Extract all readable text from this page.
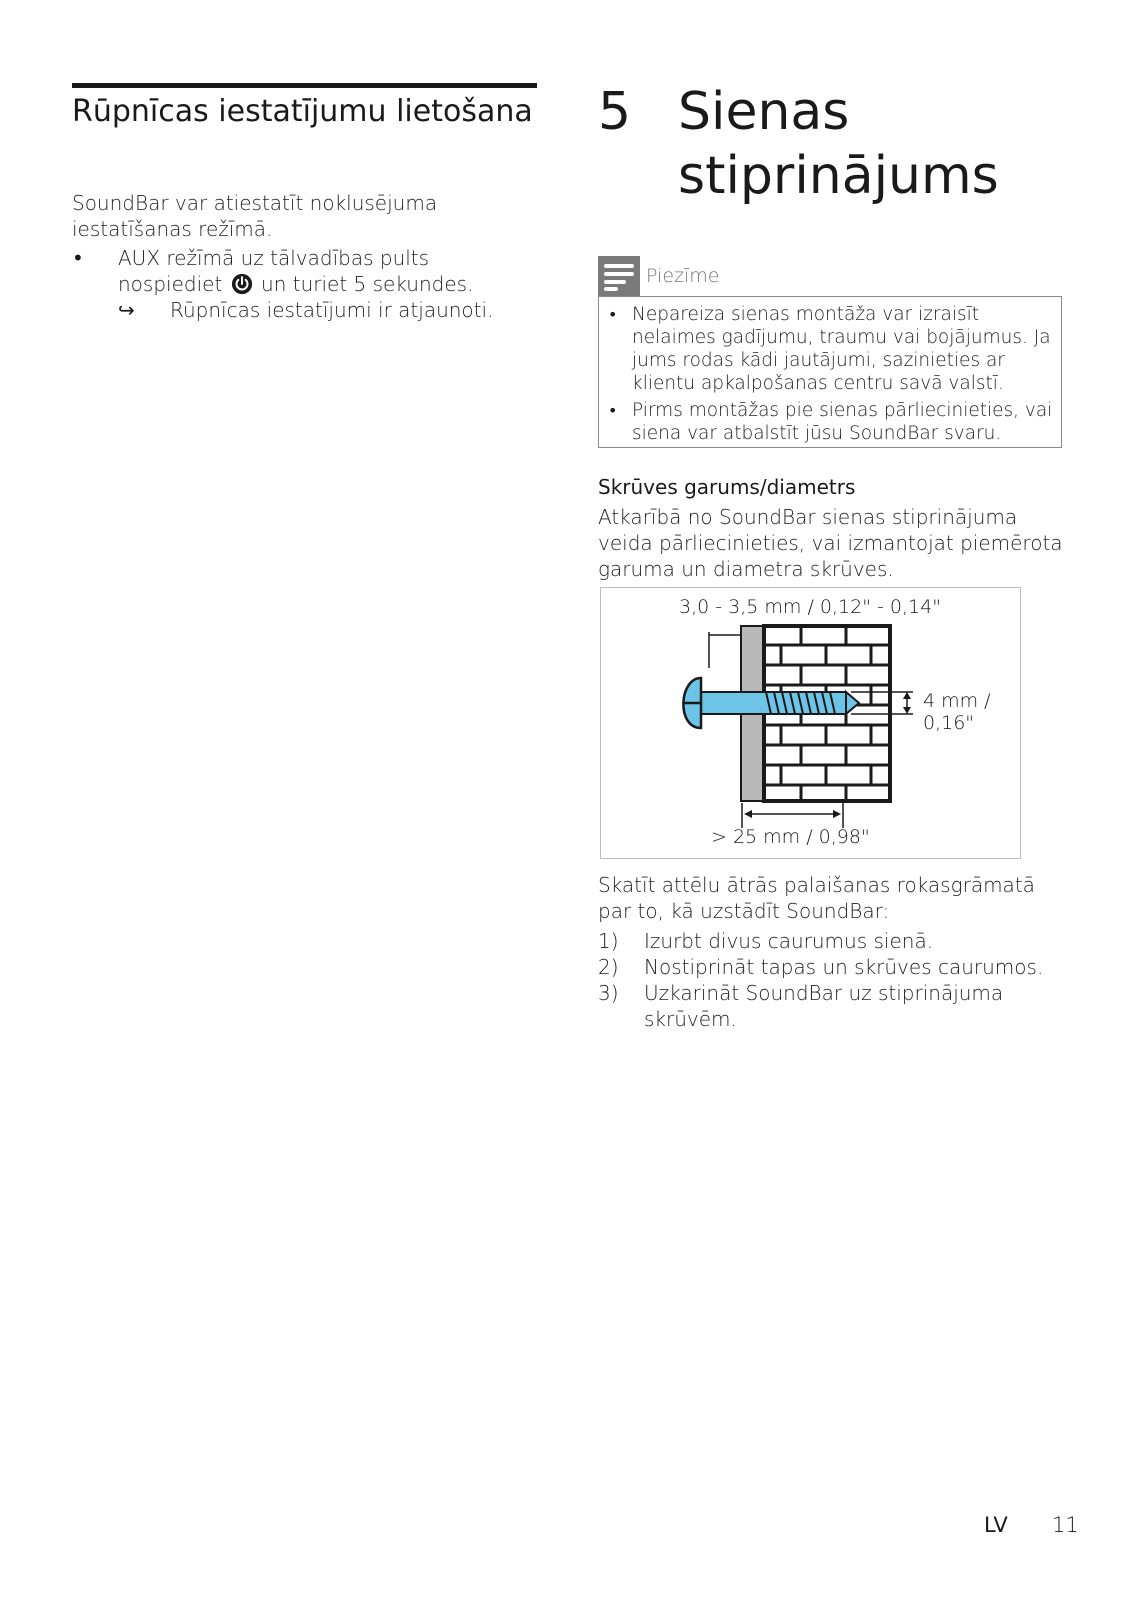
Rūpnīcas iestatījumu lietošana
SoundBar var atiestatīt noklusējuma iestatīšanas režīmā.
• AUX režīmā uz tālvadības pults nospiediet un turiet 5 sekundes.
↪ Rūpnīcas iestatījumi ir atjaunoti.
5 Sienas stiprinājums
Piezīme
• Nepareiza sienas montāža var izraisīt nelaimes gadījumu, traumu vai bojājumus. Ja jums rodas kādi jautājumi, sazinieties ar klientu apkalpošanas centru savā valstī.
• Pirms montāžas pie sienas pārliecinieties, vai siena var atbalstīt jūsu SoundBar svaru.
Skrūves garums/diametrs
Atkarībā no SoundBar sienas stiprinājuma veida pārliecinieties, vai izmantojat piemērota garuma un diametra skrūves.
3,0 - 3,5 mm / 0,12" - 0,14"
4 mm /
0,16"
> 25 mm / 0,98"
Skatīt attēlu ātrās palaišanas rokasgrāmatā par to, kā uzstādīt SoundBar:
1) Izurbt divus caurumus sienā.
2) Nostiprināt tapas un skrūves caurumos.
3) Uzkarināt SoundBar uz stiprinājuma skrūvēm.
LV 11
